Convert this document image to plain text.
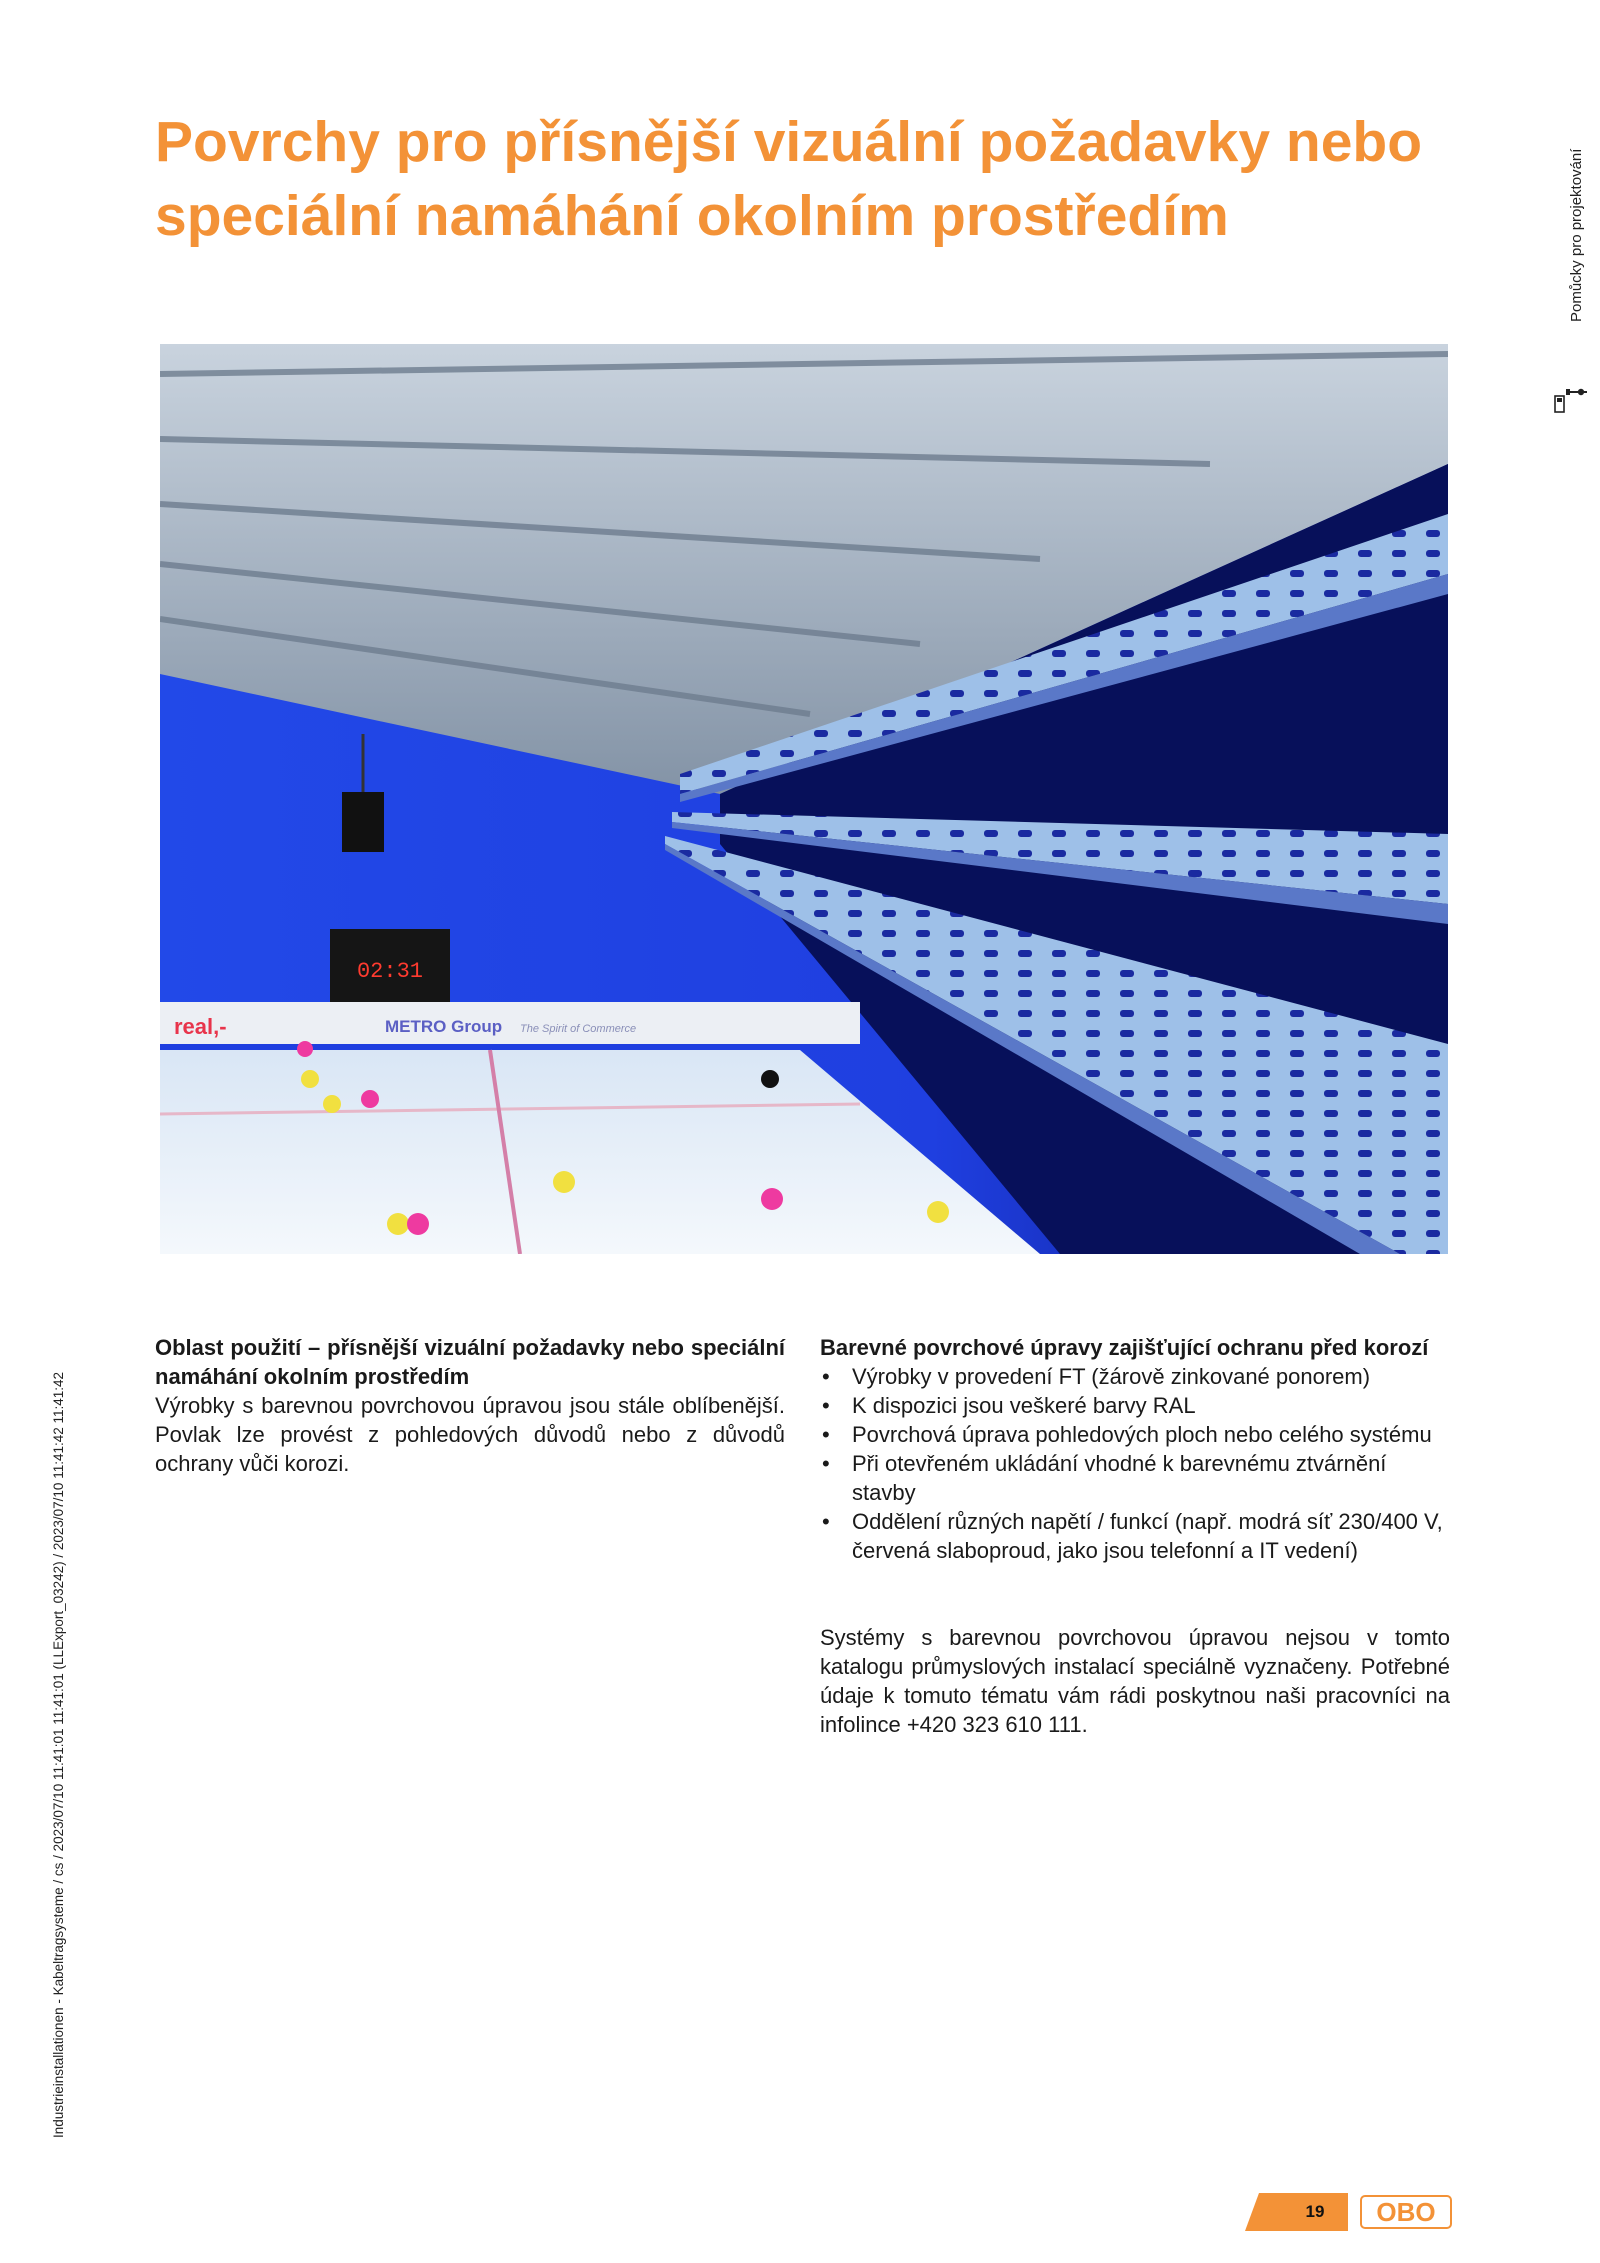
Povrchy pro přísnější vizuální požadavky nebo speciální namáhání okolním prostředím	Pomůcky pro projektování
Industrieinstallationen - Kabeltragsysteme / cs / 2023/07/10 11:41:01 11:41:01 (LLExport_03242) / 2023/07/10 11:41:42 11:41:42
02:31
real,-	METRO Group The Spirit of Commerce
Oblast použití – přísnější vizuální požadavky nebo speciální namáhání okolním prostředím

Výrobky s barevnou povrchovou úpravou jsou stále oblíbenější. Povlak lze provést z pohledových důvodů nebo z důvodů ochrany vůči korozi.

Barevné povrchové úpravy zajišťující ochranu před korozí
• Výrobky v provedení FT (žárově zinkované ponorem)
• K dispozici jsou veškeré barvy RAL
• Povrchová úprava pohledových ploch nebo celého systému
• Při otevřeném ukládání vhodné k barevnému ztvárnění stavby
• Oddělení různých napětí / funkcí (např. modrá síť 230/400 V, červená slaboproud, jako jsou telefonní a IT vedení)

Systémy s barevnou povrchovou úpravou nejsou v tomto katalogu průmyslových instalací speciálně vyznačeny. Potřebné údaje k tomuto tématu vám rádi poskytnou naši pracovníci na infolince +420 323 610 111.

19	OBO
